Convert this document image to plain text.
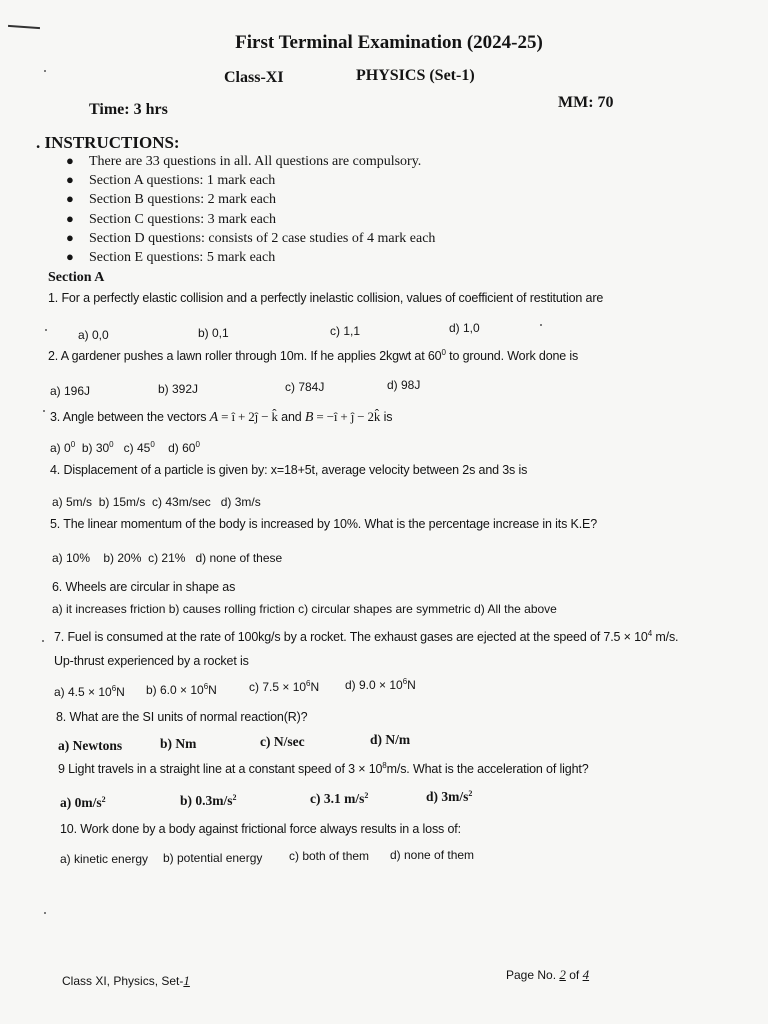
First Terminal Examination (2024-25)
Class-XI	PHYSICS (Set-1)
Time: 3 hrs	MM: 70
. INSTRUCTIONS:
● There are 33 questions in all. All questions are compulsory.
● Section A questions: 1 mark each
● Section B questions: 2 mark each
● Section C questions: 3 mark each
● Section D questions: consists of 2 case studies of 4 mark each
● Section E questions: 5 mark each
Section A
1. For a perfectly elastic collision and a perfectly inelastic collision, values of coefficient of restitution are
a) 0,0	b) 0,1	c) 1,1	d) 1,0
2. A gardener pushes a lawn roller through 10m. If he applies 2kgwt at $60^0$ to ground. Work done is
a) 196J	b) 392J	c) 784J	d) 98J
3. Angle between the vectors A = î + 2ĵ − k̂ and B = −î + ĵ − 2k̂ is
a) $0^0$ b) $30^0$ c) $45^0$ d) $60^0$
4. Displacement of a particle is given by: x=18+5t, average velocity between 2s and 3s is
a) 5m/s b) 15m/s c) 43m/sec d) 3m/s
5. The linear momentum of the body is increased by 10%. What is the percentage increase in its K.E?
a) 10% b) 20% c) 21% d) none of these
6. Wheels are circular in shape as
a) it increases friction b) causes rolling friction c) circular shapes are symmetric d) All the above
7. Fuel is consumed at the rate of 100kg/s by a rocket. The exhaust gases are ejected at the speed of $7.5 \times 10^4$ m/s.
Up-thrust experienced by a rocket is
a) $4.5 \times 10^6N$ b) $6.0 \times 10^6N$	c) $7.5 \times 10^6N$ d) $9.0 \times 10^6N$
8. What are the SI units of normal reaction(R)?
a) Newtons	b) Nm	c) N/sec	d) N/m
9 Light travels in a straight line at a constant speed of $3 \times 10^8m/s$. What is the acceleration of light?
a) $0m/s^2$	b) $0.3m/s^2$	c) 3.1 $m/s^2$	d) $3m/s^2$
10. Work done by a body against frictional force always results in a loss of:
a) kinetic energy b) potential energy c) both of them d) none of them
Class XI, Physics, Set-1	Page No. 2 of 4
